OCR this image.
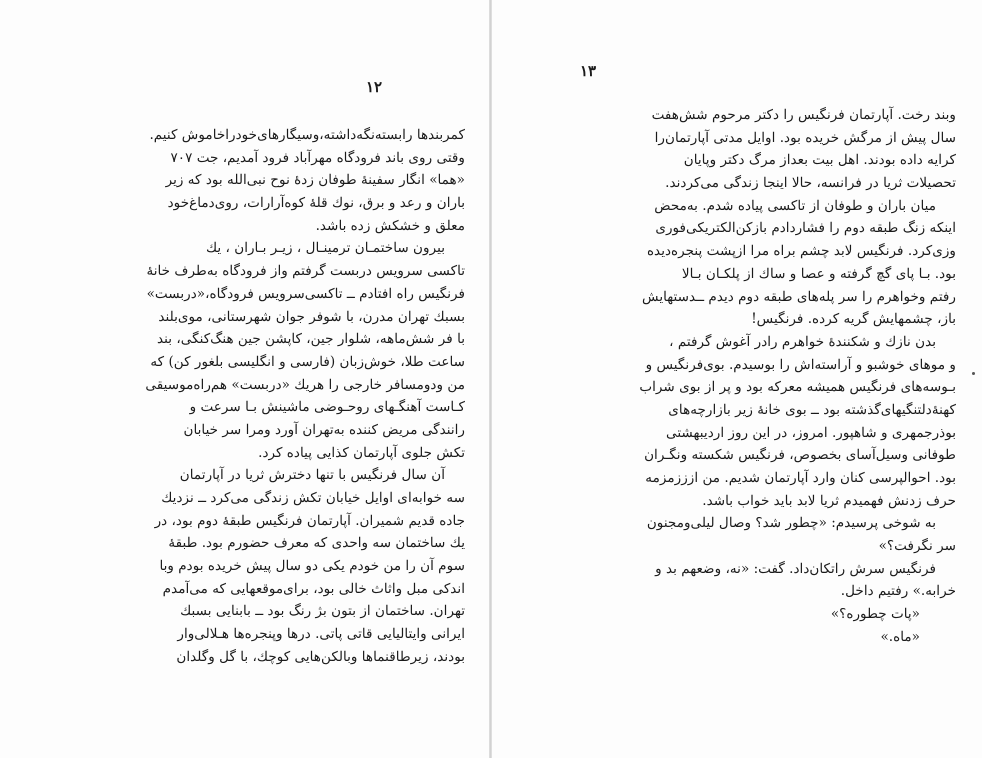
۱۲
کمربندها رابسته‌نگه‌داشته،وسیگارهای‌خودراخاموش کنیم.
وقتی روی باند فرودگاه مهرآباد فرود آمدیم، جت ۷۰۷
«هما» انگار سفینهٔ طوفان زدهٔ نوح نبی‌الله بود که زیر
باران و رعد و برق، نوك قلهٔ کوه‌آرارات، روی‌دماغ‌خود
معلق و خشکش زده باشد.
بیرون ساختمـان ترمینـال ، زیـر بـاران ، یك
تاکسی سرویس دربست گرفتم واز فرودگاه به‌طرف خانهٔ
فرنگیس راه افتادم ــ تاکسی‌سرویس فرودگاه،«دربست»
بسبك تهران مدرن، با شوفر جوان شهرستانی، موی‌بلند
با فر شش‌ماهه، شلوار جین، کاپشن جین هنگ‌کنگی، بند
ساعت طلا، خوش‌زبان (فارسی و انگلیسی بلغور کن) که
من ودومسافر خارجی را هریك «دربست» هم‌راه‌موسیقی
کـاست آهنگـهای روحـوضی ماشینش بـا سرعت و
رانندگی مریض کننده به‌تهران آورد ومرا سر خیابان
تکش جلوی آپارتمان کذایی پیاده کرد.
آن سال فرنگیس با تنها دخترش ثریا در آپارتمان
سه خوابه‌ای اوایل خیابان تکش زندگی می‌کرد ــ نزدیك
جاده قدیم شمیران. آپارتمان فرنگیس طبقهٔ دوم بود، در
یك ساختمان سه واحدی که معرف حضورم بود. طبقهٔ
سوم آن را من خودم یکی دو سال پیش خریده بودم وبا
اندکی مبل واثاث خالی بود، برای‌موقعهایی که می‌آمدم
تهران. ساختمان از بتون بژ رنگ بود ــ بابنایی بسبك
ایرانی وایتالیایی قاتی پاتی. درها وپنجره‌ها هـلالی‌وار
بودند، زیرطاقنماها وبالکن‌هایی کوچك، با گل وگلدان
۱۳
وبند رخت. آپارتمان فرنگیس را دکتر مرحوم شش‌هفت
سال پیش از مرگش خریده بود. اوایل مدتی آپارتمان‌را
کرایه داده بودند. اهل بیت بعداز مرگ دکتر وپایان
تحصیلات ثریا در فرانسه، حالا اینجا زندگی می‌کردند.
میان باران و طوفان از تاکسی پیاده شدم. به‌محض
اینکه زنگ طبقه دوم را فشاردادم بازکن‌الکتریکی‌فوری
وزی‌کرد. فرنگیس لابد چشم براه مرا ازپشت پنجره‌دیده
بود. بـا پای گچ گرفته و عصا و ساك از پلکـان بـالا
رفتم وخواهرم را سر پله‌های طبقه دوم دیدم ــدستهایش
باز، چشمهایش گریه کرده. فرنگیس!
بدن نازك و شکنندهٔ خواهرم رادر آغوش گرفتم ،
و موهای خوشبو و آراسته‌اش را بوسیدم. بوی‌فرنگیس و
بـوسه‌های فرنگیس همیشه معرکه بود و پر از بوی شراب
کهنهٔ‌دلتنگیهای‌گذشته بود ــ بوی خانهٔ زیر بازارچه‌های
بوذرجمهری و شاهپور. امروز، در این روز اردیبهشتی
طوفانی وسیل‌آسای بخصوص، فرنگیس شکسته ونگـران
بود. احوالپرسی کنان وارد آپارتمان شدیم. من ازززمزمه
حرف زدنش فهمیدم ثریا لابد باید خواب باشد.
به شوخی پرسیدم: «چطور شد؟ وصال لیلی‌ومجنون
سر نگرفت؟»
فرنگیس سرش راتکان‌داد. گفت: «نه، وضعهم بد و
خرابه.» رفتیم داخل.
«پات چطوره؟»
«ماه.»
